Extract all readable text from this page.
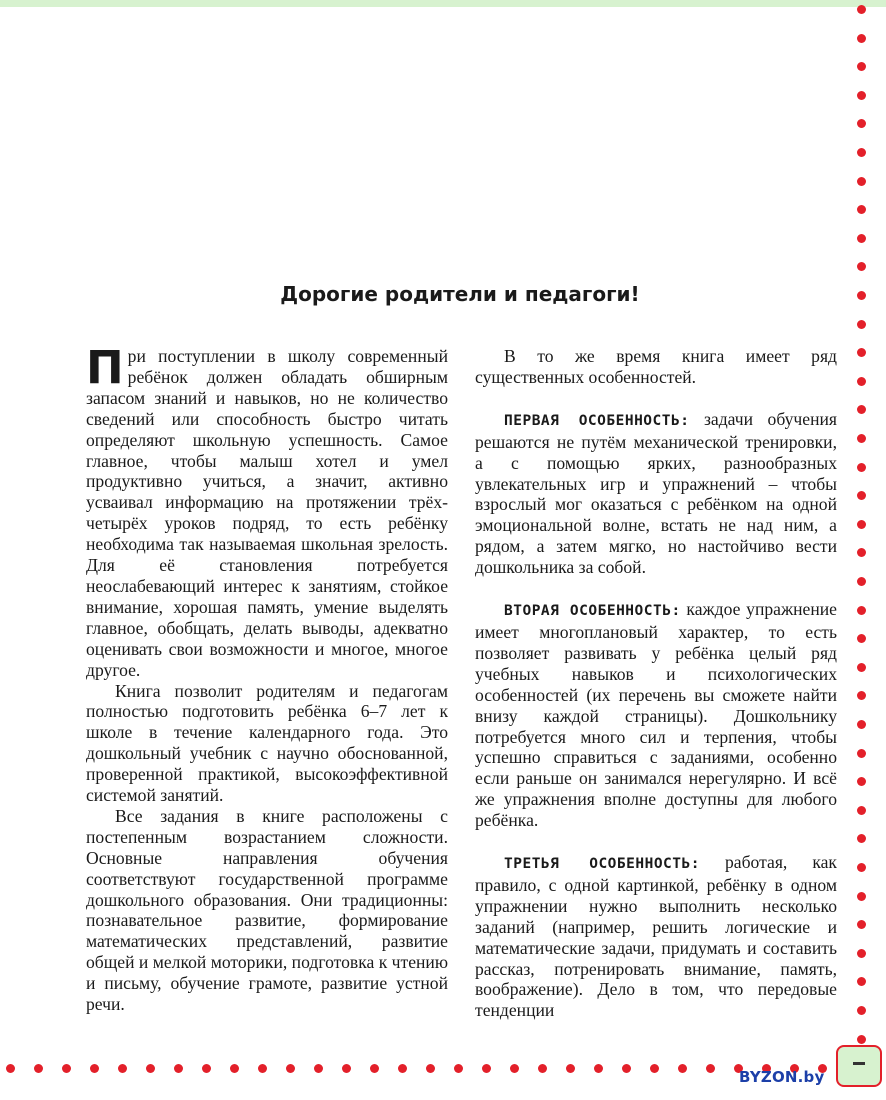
Дорогие родители и педагоги!

При поступлении в школу современный ребёнок должен обладать обширным запасом знаний и навыков, но не количество сведений или способность быстро читать определяют школьную успешность. Самое главное, чтобы малыш хотел и умел продуктивно учиться, а значит, активно усваивал информацию на протяжении трёх-четырёх уроков подряд, то есть ребёнку необходима так называемая школьная зрелость. Для её становления потребуется неослабевающий интерес к занятиям, стойкое внимание, хорошая память, умение выделять главное, обобщать, делать выводы, адекватно оценивать свои возможности и многое, многое другое.

Книга позволит родителям и педагогам полностью подготовить ребёнка 6–7 лет к школе в течение календарного года. Это дошкольный учебник с научно обоснованной, проверенной практикой, высокоэффективной системой занятий.

Все задания в книге расположены с постепенным возрастанием сложности. Основные направления обучения соответствуют государственной программе дошкольного образования. Они традиционны: познавательное развитие, формирование математических представлений, развитие общей и мелкой моторики, подготовка к чтению и письму, обучение грамоте, развитие устной речи.

В то же время книга имеет ряд существенных особенностей.

ПЕРВАЯ ОСОБЕННОСТЬ: задачи обучения решаются не путём механической тренировки, а с помощью ярких, разнообразных увлекательных игр и упражнений – чтобы взрослый мог оказаться с ребёнком на одной эмоциональной волне, встать не над ним, а рядом, а затем мягко, но настойчиво вести дошкольника за собой.

ВТОРАЯ ОСОБЕННОСТЬ: каждое упражнение имеет многоплановый характер, то есть позволяет развивать у ребёнка целый ряд учебных навыков и психологических особенностей (их перечень вы сможете найти внизу каждой страницы). Дошкольнику потребуется много сил и терпения, чтобы успешно справиться с заданиями, особенно если раньше он занимался нерегулярно. И всё же упражнения вполне доступны для любого ребёнка.

ТРЕТЬЯ ОСОБЕННОСТЬ: работая, как правило, с одной картинкой, ребёнку в одном упражнении нужно выполнить несколько заданий (например, решить логические и математические задачи, придумать и составить рассказ, потренировать внимание, память, воображение). Дело в том, что передовые тенденции

BYZON.by
